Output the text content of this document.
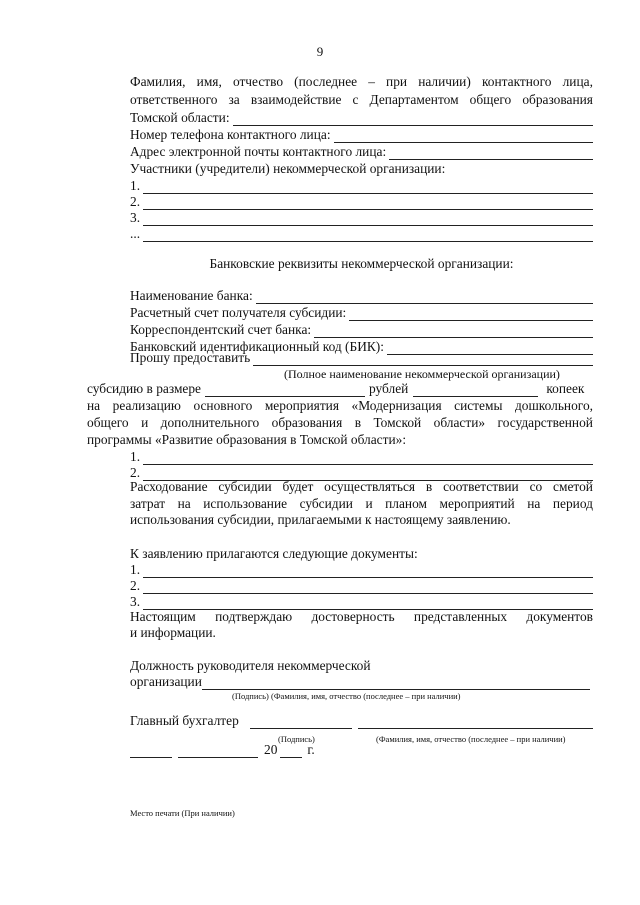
9
Фамилия, имя, отчество (последнее – при наличии) контактного лица,
ответственного за взаимодействие с Департаментом общего образования
Томской области:
Номер телефона контактного лица:
Адрес электронной почты контактного лица:
Участники (учредители) некоммерческой организации:
1.
2.
3.
...
Банковские реквизиты некоммерческой организации:
Наименование банка:
Расчетный счет получателя субсидии:
Корреспондентский счет банка:
Банковский идентификационный код (БИК):
Прошу предоставить
(Полное наименование некоммерческой организации)
субсидию в размере	рублей	копеек
на реализацию основного мероприятия «Модернизация системы дошкольного,
общего и дополнительного образования в Томской области» государственной
программы «Развитие образования в Томской области»:
1.
2.
Расходование субсидии будет осуществляться в соответствии со сметой
затрат на использование субсидии и планом мероприятий на период
использования субсидии, прилагаемыми к настоящему заявлению.
К заявлению прилагаются следующие документы:
1.
2.
3.
Настоящим подтверждаю достоверность представленных документов
и информации.
Должность руководителя некоммерческой
организации
(Подпись) (Фамилия, имя, отчество (последнее – при наличии)
Главный бухгалтер
(Подпись)	(Фамилия, имя, отчество (последнее – при наличии)
20 г.
Место печати (При наличии)
